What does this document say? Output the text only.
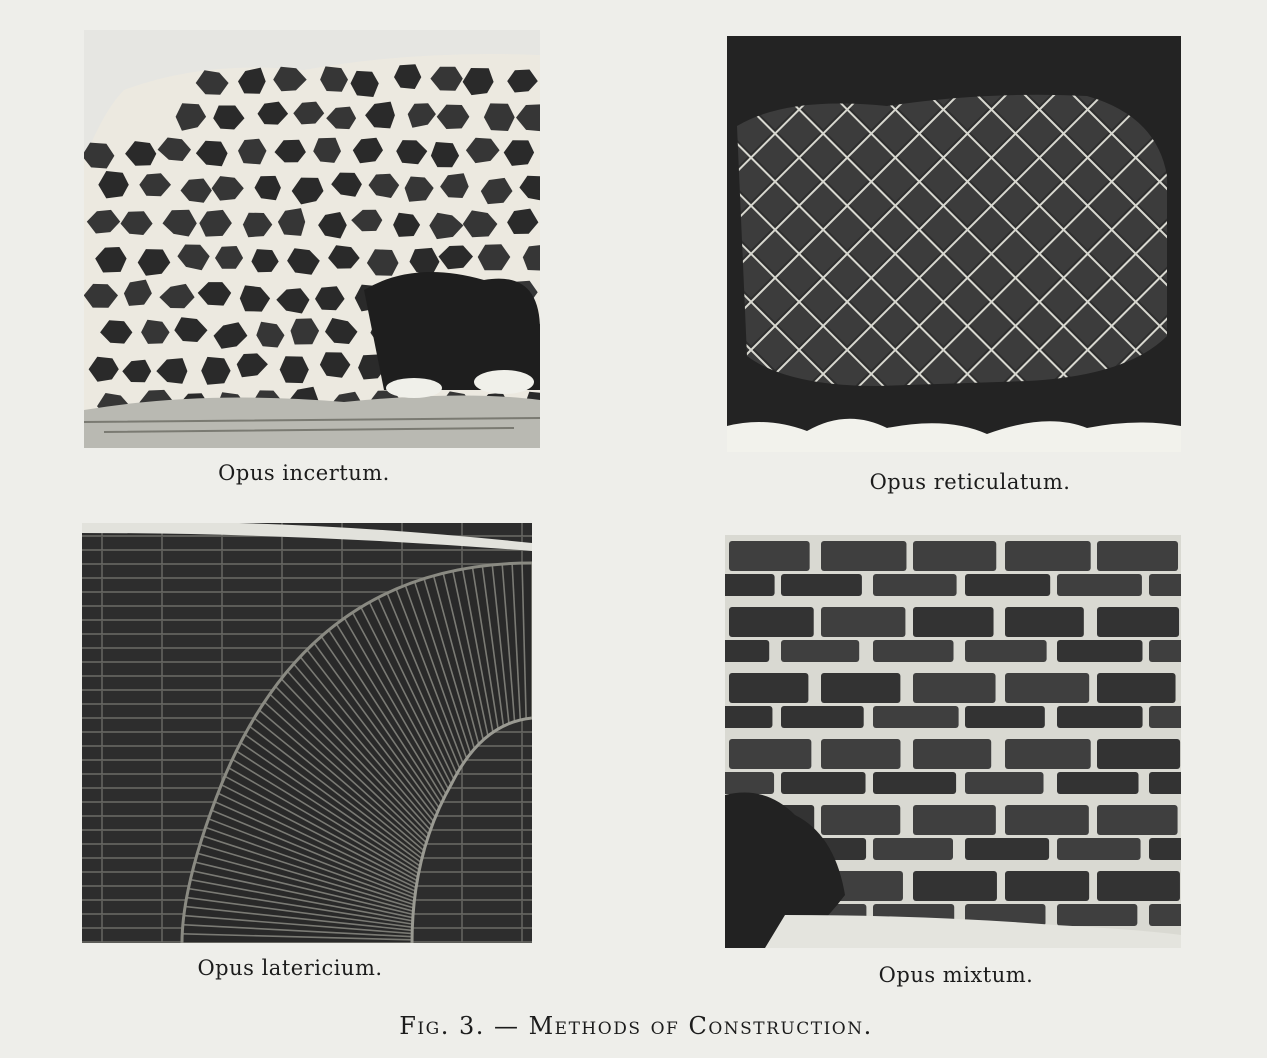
Opus incertum.	Opus reticulatum.
Opus latericium.	Opus mixtum.
Fig. 3. — Methods of Construction.
